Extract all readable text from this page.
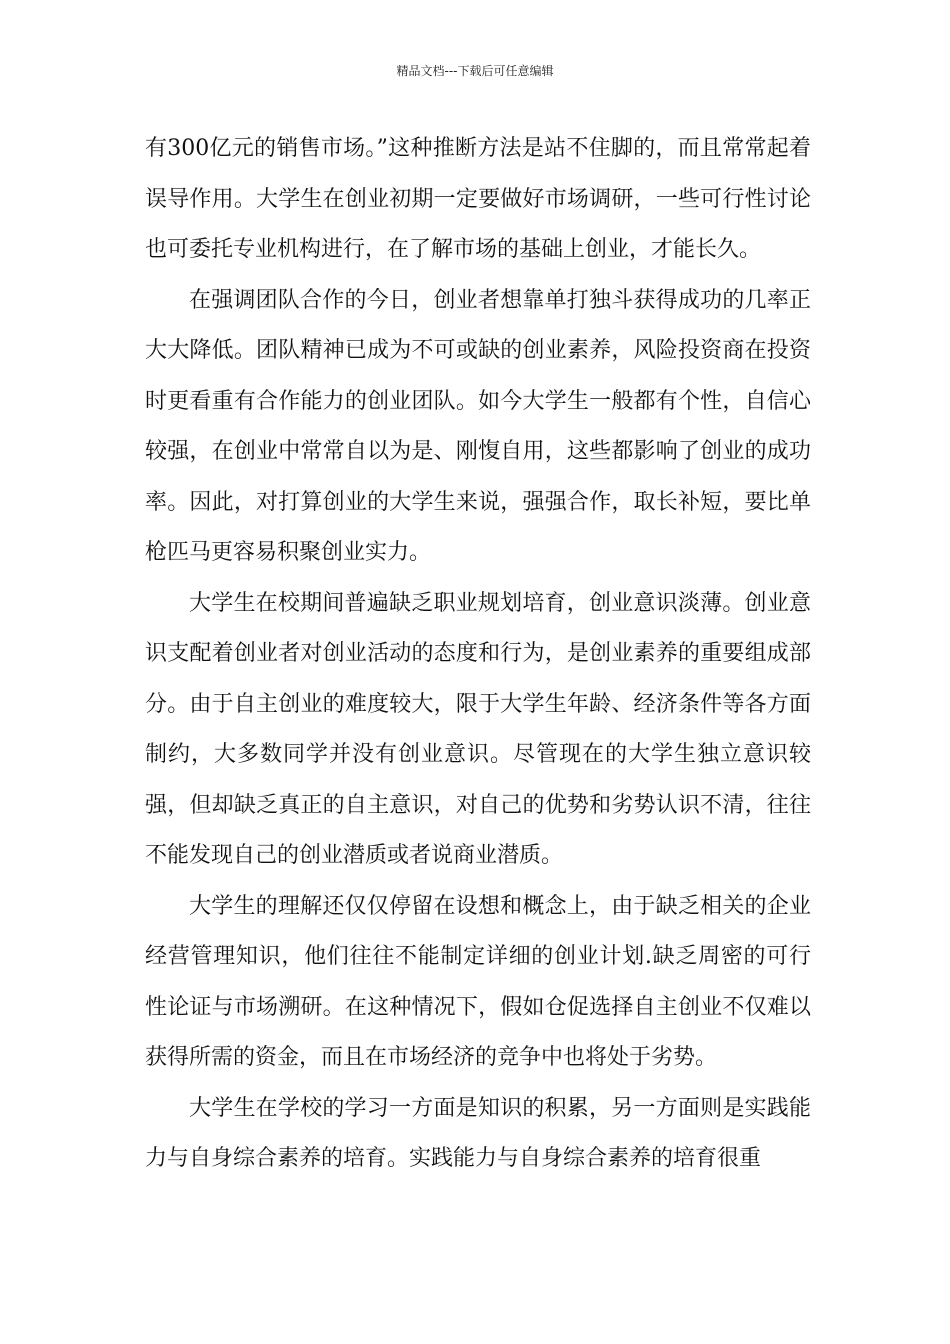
精品文档---下载后可任意编辑

有300亿元的销售市场。”这种推断方法是站不住脚的，而且常常起着误导作用。大学生在创业初期一定要做好市场调研，一些可行性讨论也可委托专业机构进行，在了解市场的基础上创业，才能长久。

在强调团队合作的今日，创业者想靠单打独斗获得成功的几率正大大降低。团队精神已成为不可或缺的创业素养，风险投资商在投资时更看重有合作能力的创业团队。如今大学生一般都有个性，自信心较强，在创业中常常自以为是、刚愎自用，这些都影响了创业的成功率。因此，对打算创业的大学生来说，强强合作，取长补短，要比单枪匹马更容易积聚创业实力。

大学生在校期间普遍缺乏职业规划培育，创业意识淡薄。创业意识支配着创业者对创业活动的态度和行为，是创业素养的重要组成部分。由于自主创业的难度较大，限于大学生年龄、经济条件等各方面制约，大多数同学并没有创业意识。尽管现在的大学生独立意识较强，但却缺乏真正的自主意识，对自己的优势和劣势认识不清，往往不能发现自己的创业潜质或者说商业潜质。

大学生的理解还仅仅停留在设想和概念上，由于缺乏相关的企业经营管理知识，他们往往不能制定详细的创业计划.缺乏周密的可行性论证与市场溯研。在这种情况下，假如仓促选择自主创业不仅难以获得所需的资金，而且在市场经济的竞争中也将处于劣势。

大学生在学校的学习一方面是知识的积累，另一方面则是实践能力与自身综合素养的培育。实践能力与自身综合素养的培育很重
